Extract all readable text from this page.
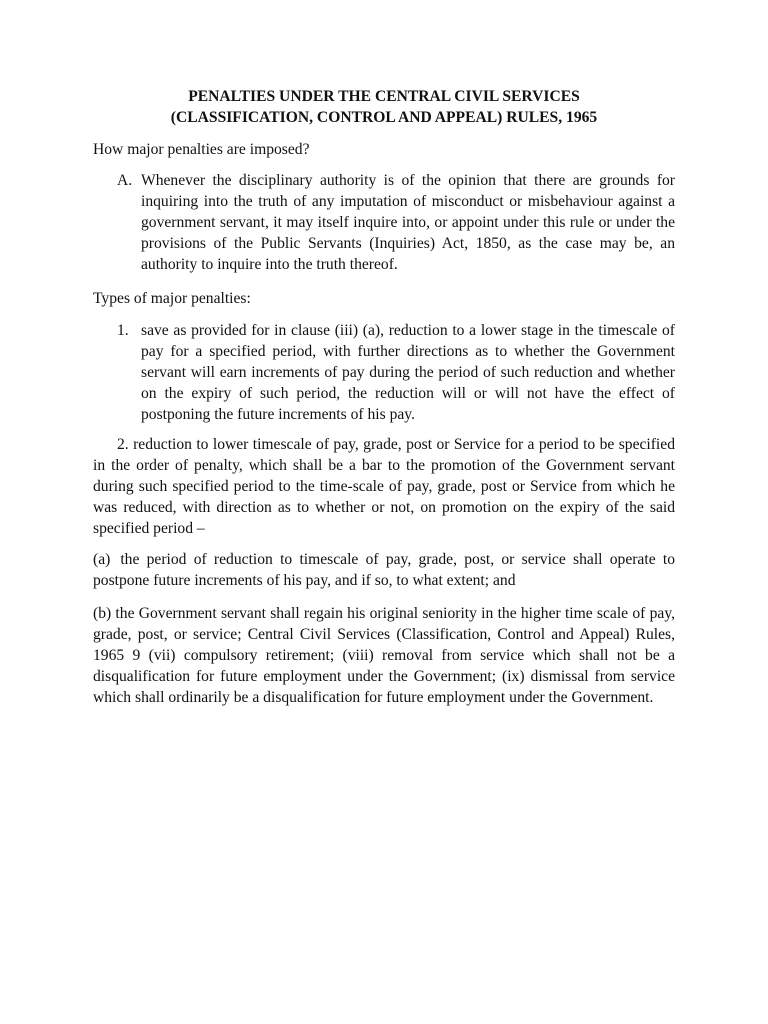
PENALTIES UNDER THE CENTRAL CIVIL SERVICES
(CLASSIFICATION, CONTROL AND APPEAL) RULES, 1965

How major penalties are imposed?

A. Whenever the disciplinary authority is of the opinion that there are grounds for inquiring into the truth of any imputation of misconduct or misbehaviour against a government servant, it may itself inquire into, or appoint under this rule or under the provisions of the Public Servants (Inquiries) Act, 1850, as the case may be, an authority to inquire into the truth thereof.

Types of major penalties:

1. save as provided for in clause (iii) (a), reduction to a lower stage in the timescale of pay for a specified period, with further directions as to whether the Government servant will earn increments of pay during the period of such reduction and whether on the expiry of such period, the reduction will or will not have the effect of postponing the future increments of his pay.

2. reduction to lower timescale of pay, grade, post or Service for a period to be specified in the order of penalty, which shall be a bar to the promotion of the Government servant during such specified period to the time-scale of pay, grade, post or Service from which he was reduced, with direction as to whether or not, on promotion on the expiry of the said specified period –

(a) the period of reduction to timescale of pay, grade, post, or service shall operate to postpone future increments of his pay, and if so, to what extent; and

(b) the Government servant shall regain his original seniority in the higher time scale of pay, grade, post, or service; Central Civil Services (Classification, Control and Appeal) Rules, 1965 9 (vii) compulsory retirement; (viii) removal from service which shall not be a disqualification for future employment under the Government; (ix) dismissal from service which shall ordinarily be a disqualification for future employment under the Government.
